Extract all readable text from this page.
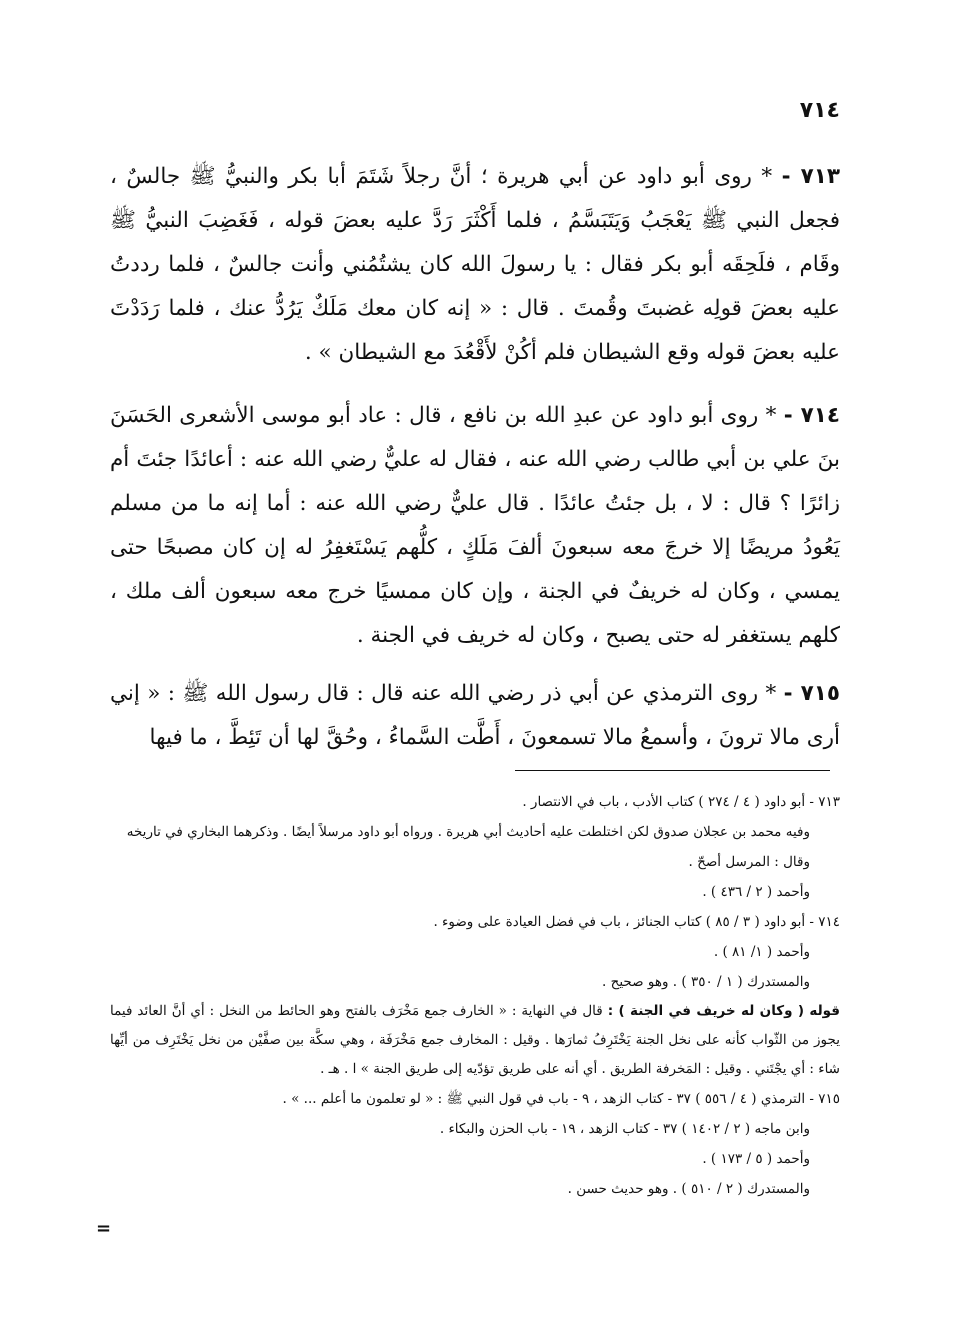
٧١٤
٧١٣ - * روى أبو داود عن أبي هريرة ؛ أنَّ رجلاً شَتَمَ أبا بكر والنبيُّ ﷺ جالسٌ ، فجعل النبي ﷺ يَعْجَبُ وَيَتَبَسَّمُ ، فلما أَكْثَرَ رَدَّ عليه بعضَ قوله ، فَغَضِبَ النبيُّ ﷺ وقَام ، فلَحِقَه أبو بكر فقال : يا رسولَ الله كان يشتُمُني وأنت جالسٌ ، فلما رددتُ عليه بعضَ قولِه غضبتَ وقُمتَ . قال : « إنه كان معك مَلَكٌ يَرُدُّ عنك ، فلما رَدَدْتَ عليه بعضَ قوله وقع الشيطان فلم أكُنْ لأَقْعُدَ مع الشيطان » .
٧١٤ - * روى أبو داود عن عبدِ الله بن نافع ، قال : عاد أبو موسى الأشعرى الحَسَنَ بنَ علي بن أبي طالب رضي الله عنه ، فقال له عليٌّ رضي الله عنه : أعائدًا جئتَ أم زائرًا ؟ قال : لا ، بل جئتُ عائدًا . قال عليٌّ رضي الله عنه : أما إنه ما من مسلم يَعُودُ مريضًا إلا خرجَ معه سبعونَ ألفَ مَلَكٍ ، كلُّهم يَسْتَغفِرُ له إن كان مصبحًا حتى يمسي ، وكان له خريفٌ في الجنة ، وإن كان ممسيًا خرج معه سبعون ألف ملك ، كلهم يستغفر له حتى يصبح ، وكان له خريف في الجنة .
٧١٥ - * روى الترمذي عن أبي ذر رضي الله عنه قال : قال رسول الله ﷺ : « إني أرى مالا ترونَ ، وأسمعُ مالا تسمعونَ ، أَطَّت السَّماءُ ، وحُقَّ لها أن تَئِطَّ ، ما فيها

٧١٣ - أبو داود ( ٤ / ٢٧٤ ) كتاب الأدب ، باب في الانتصار .

وفيه محمد بن عجلان صدوق لكن اختلطت عليه أحاديث أبي هريرة . ورواه أبو داود مرسلاً أيضًا . وذكرهما البخاري في تاريخه وقال : المرسل أصحّ .

وأحمد ( ٢ / ٤٣٦ ) .

٧١٤ - أبو داود ( ٣ / ٨٥ ) كتاب الجنائز ، باب في فضل العيادة على وضوء .

وأحمد ( ١/ ٨١ ) .

والمستدرك ( ١ / ٣٥٠ ) . وهو صحيح .

قوله ( وكان له خريف في الجنة ) : قال في النهاية : « الخارف جمع مَخْرَف بالفتح وهو الحائط من النخل : أي أنَّ العائد فيما يجوز من الثّواب كأنه على نخل الجنة يَخْتَرِفُ ثمارَها . وقيل : المخارف جمع مَخْرَفَة ، وهي سكَّة بين صفَّيْن من نخل يَخْتَرِف من أيِّها شاء : أي يجْتَني . وقيل : المَخرفة الطريق . أي أنه على طريق تؤدّيه إلى طريق الجنة » ا . هـ .

٧١٥ - الترمذي ( ٤ / ٥٥٦ ) ٣٧ - كتاب الزهد ، ٩ - باب في قول النبي ﷺ : « لو تعلمون ما أعلم ... » .

وابن ماجه ( ٢ / ١٤٠٢ ) ٣٧ - كتاب الزهد ، ١٩ - باب الحزن والبكاء .

وأحمد ( ٥ / ١٧٣ ) .

والمستدرك ( ٢ / ٥١٠ ) . وهو حديث حسن .

=
